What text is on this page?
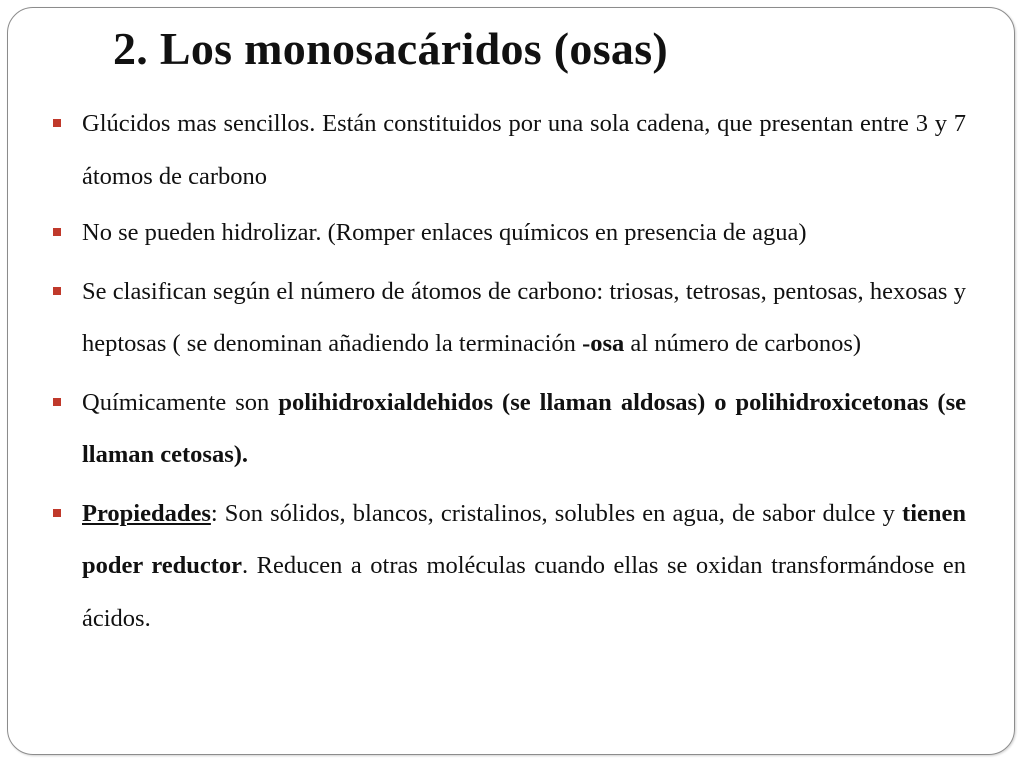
2. Los monosacáridos (osas)
Glúcidos mas sencillos. Están constituidos por una sola cadena, que presentan entre 3 y 7 átomos de carbono
No se pueden hidrolizar. (Romper enlaces químicos en presencia de agua)
Se clasifican según el número de átomos de carbono: triosas, tetrosas, pentosas, hexosas y heptosas ( se denominan añadiendo la terminación -osa al número de carbonos)
Químicamente son polihidroxialdehidos (se llaman aldosas) o polihidroxicetonas (se llaman cetosas).
Propiedades: Son sólidos, blancos, cristalinos, solubles en agua, de sabor dulce y tienen poder reductor. Reducen a otras moléculas cuando ellas se oxidan transformándose en ácidos.
